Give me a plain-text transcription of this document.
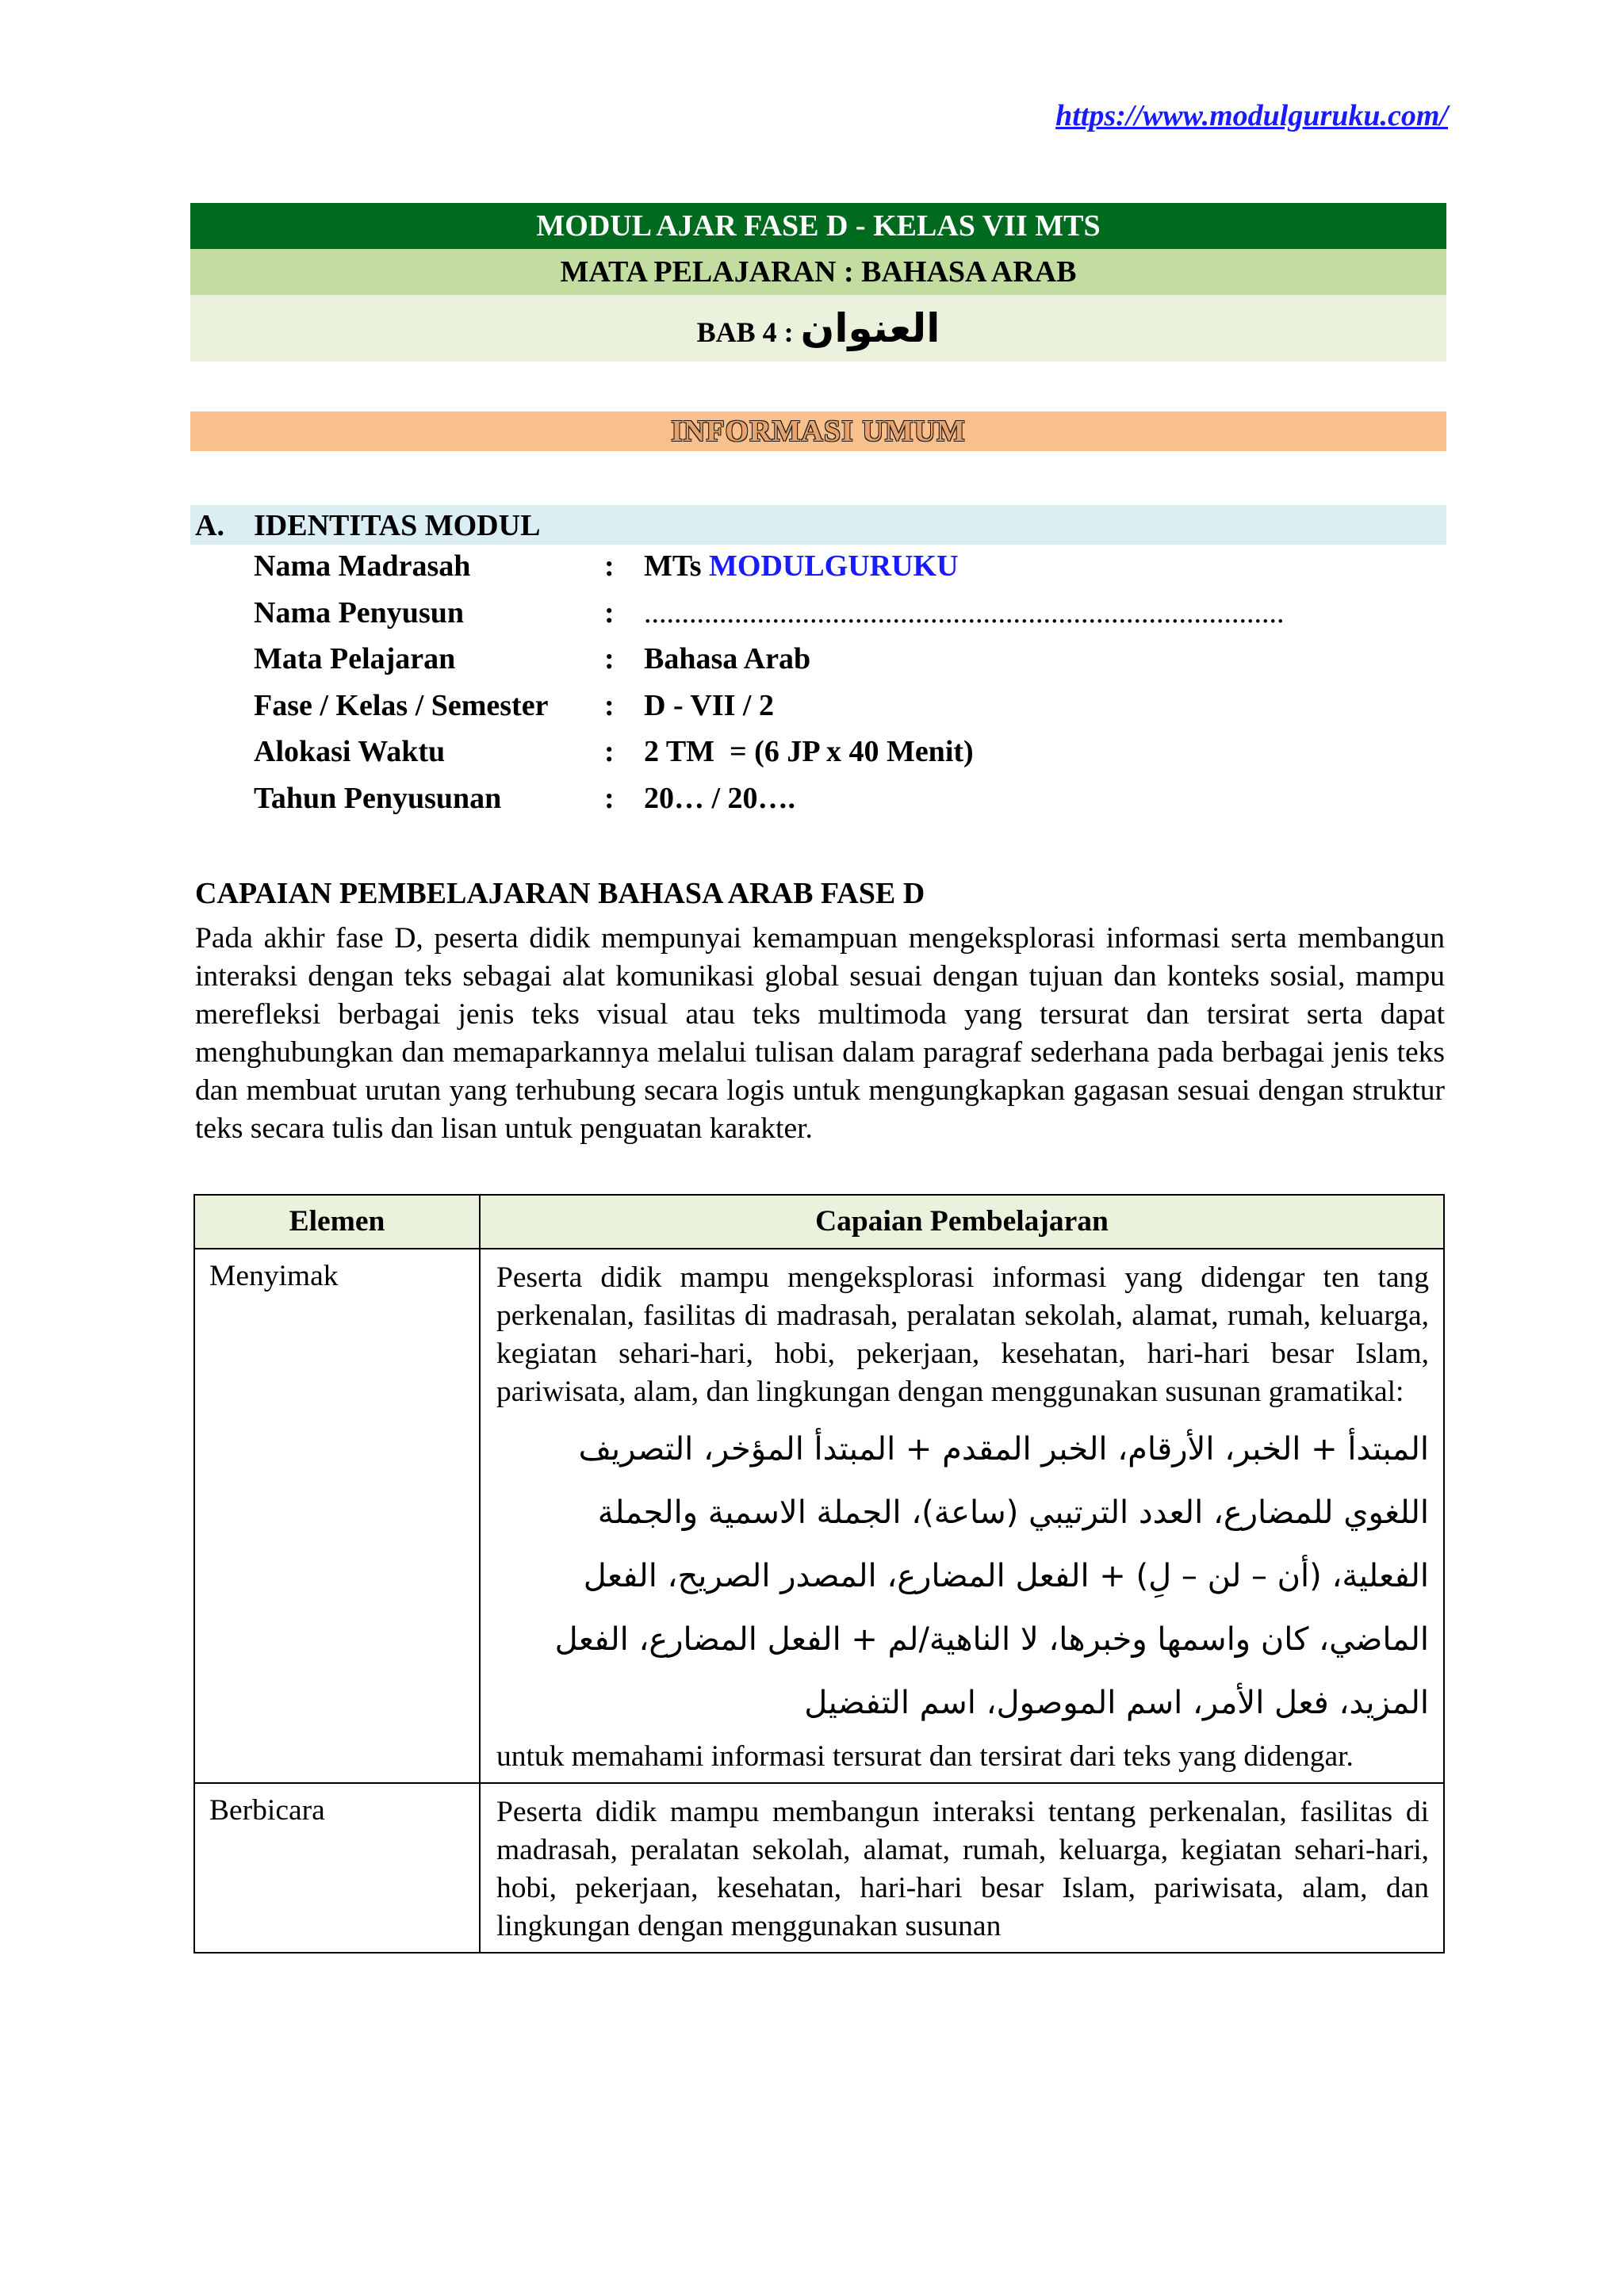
https://www.modulguruku.com/
MODUL AJAR FASE D - KELAS VII MTS
MATA PELAJARAN : BAHASA ARAB
BAB 4 : العنوان
INFORMASI UMUM
A. IDENTITAS MODUL
Nama Madrasah	: MTs MODULGURUKU
Nama Penyusun	: .....................................................................................
Mata Pelajaran	: Bahasa Arab
Fase / Kelas / Semester : D - VII / 2
Alokasi Waktu	: 2 TM  = (6 JP x 40 Menit)
Tahun Penyusunan	: 20… / 20….
CAPAIAN PEMBELAJARAN BAHASA ARAB FASE D
Pada akhir fase D, peserta didik mempunyai kemampuan mengeksplorasi informasi serta membangun interaksi dengan teks sebagai alat komunikasi global sesuai dengan tujuan dan konteks sosial, mampu merefleksi berbagai jenis teks visual atau teks multimoda yang tersurat dan tersirat serta dapat menghubungkan dan memaparkannya melalui tulisan dalam paragraf sederhana pada berbagai jenis teks dan membuat urutan yang terhubung secara logis untuk mengungkapkan gagasan sesuai dengan struktur teks secara tulis dan lisan untuk penguatan karakter.
Elemen	Capaian Pembelajaran
Menyimak	Peserta didik mampu mengeksplorasi informasi yang didengar ten tang perkenalan, fasilitas di madrasah, peralatan sekolah, alamat, rumah, keluarga, kegiatan sehari-hari, hobi, pekerjaan, kesehatan, hari-hari besar Islam, pariwisata, alam, dan lingkungan dengan menggunakan susunan gramatikal:
المبتدأ + الخبر، الأرقام، الخبر المقدم + المبتدأ المؤخر، التصريف اللغوي للمضارع، العدد الترتيبي (ساعة)، الجملة الاسمية والجملة الفعلية، (أن – لن – لِ) + الفعل المضارع، المصدر الصريح، الفعل الماضي، كان واسمها وخبرها، لا الناهية/لم + الفعل المضارع، الفعل المزيد، فعل الأمر، اسم الموصول، اسم التفضيل
untuk memahami informasi tersurat dan tersirat dari teks yang didengar.

Berbicara	Peserta didik mampu membangun interaksi tentang perkenalan, fasilitas di madrasah, peralatan sekolah, alamat, rumah, keluarga, kegiatan sehari-hari, hobi, pekerjaan, kesehatan, hari-hari besar Islam, pariwisata, alam, dan lingkungan dengan menggunakan susunan
